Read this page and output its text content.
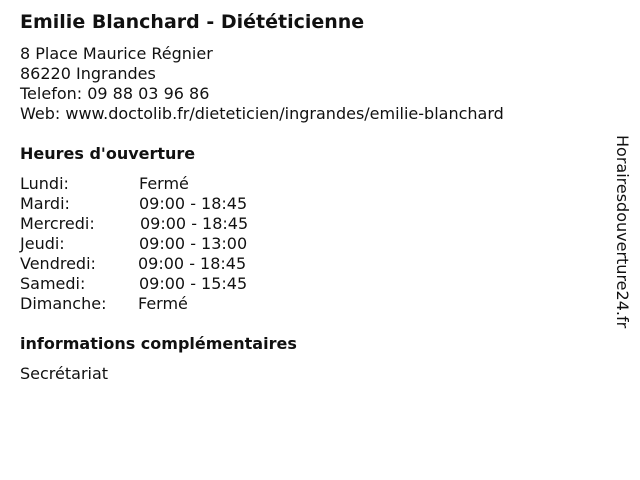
Emilie Blanchard - Diététicienne
8 Place Maurice Régnier
86220 Ingrandes
Telefon: 09 88 03 96 86
Web: www.doctolib.fr/dieteticien/ingrandes/emilie-blanchard
Heures d'ouverture
Lundi:	Fermé
Mardi:	09:00 - 18:45
Mercredi:	09:00 - 18:45
Jeudi:	09:00 - 13:00
Vendredi:	09:00 - 18:45
Samedi:	09:00 - 15:45
Dimanche: Fermé
informations complémentaires
Secrétariat
Horairesdouverture24.fr
